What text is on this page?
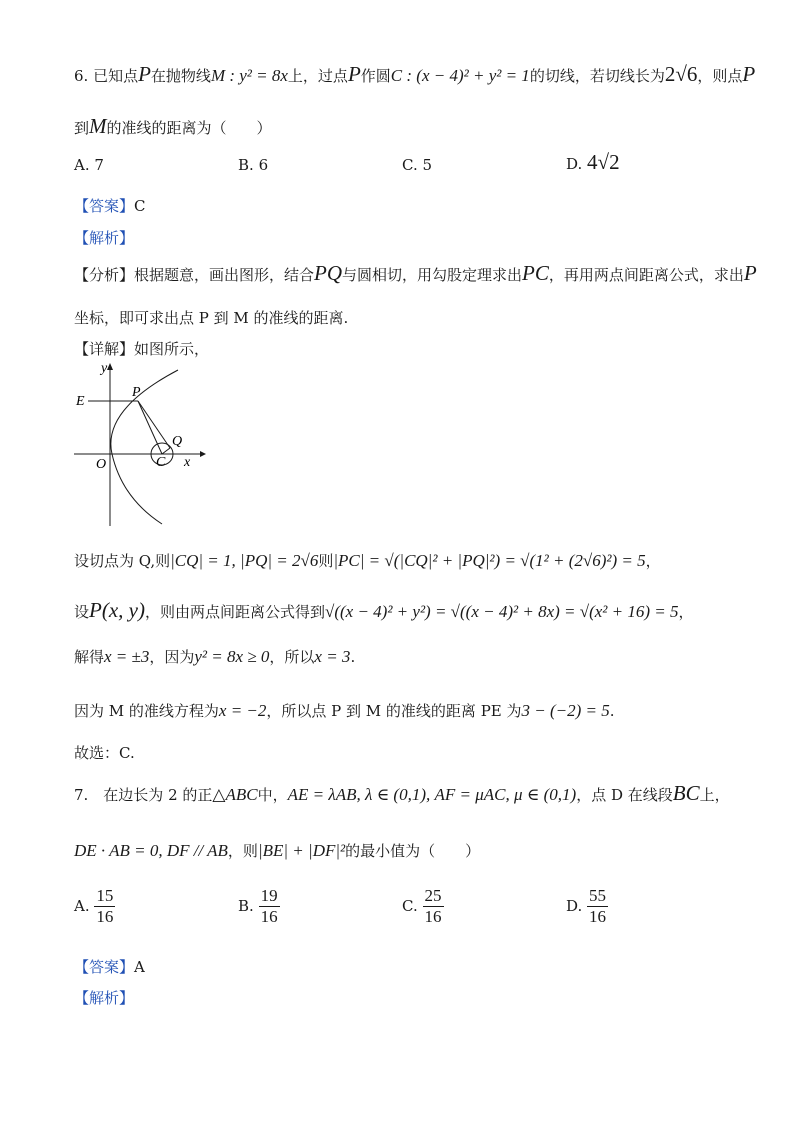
6. 已知点P在抛物线M : y² = 8x上，过点P作圆C : (x − 4)² + y² = 1的切线，若切线长为2√6，则点P
到M的准线的距离为（　　）
A. 7	B. 6	C. 5	D. 4√2
【答案】C
【解析】
【分析】根据题意，画出图形，结合PQ与圆相切，用勾股定理求出PC，再用两点间距离公式，求出P
坐标，即可求出点 P 到 M 的准线的距离.
【详解】如图所示，
y
E
P
Q
O	C x
设切点为 Q,则|CQ| = 1, |PQ| = 2√6则|PC| = √(|CQ|² + |PQ|²) = √(1² + (2√6)²) = 5，
设P(x, y)，则由两点间距离公式得到√((x − 4)² + y²) = √((x − 4)² + 8x) = √(x² + 16) = 5，
解得x = ±3，因为y² = 8x ≥ 0，所以x = 3.
因为 M 的准线方程为x = −2，所以点 P 到 M 的准线的距离 PE 为3 − (−2) = 5.
故选：C.
7.　在边长为 2 的正△ABC中，AE = λAB, λ ∈ (0,1), AF = μAC, μ ∈ (0,1)，点 D 在线段BC上，
DE · AB = 0, DF // AB，则|BE| + |DF|²的最小值为（　　）
A. $\frac{15}{16}$	B. $\frac{19}{16}$	C. $\frac{25}{16}$	D. $\frac{55}{16}$
【答案】A
【解析】
